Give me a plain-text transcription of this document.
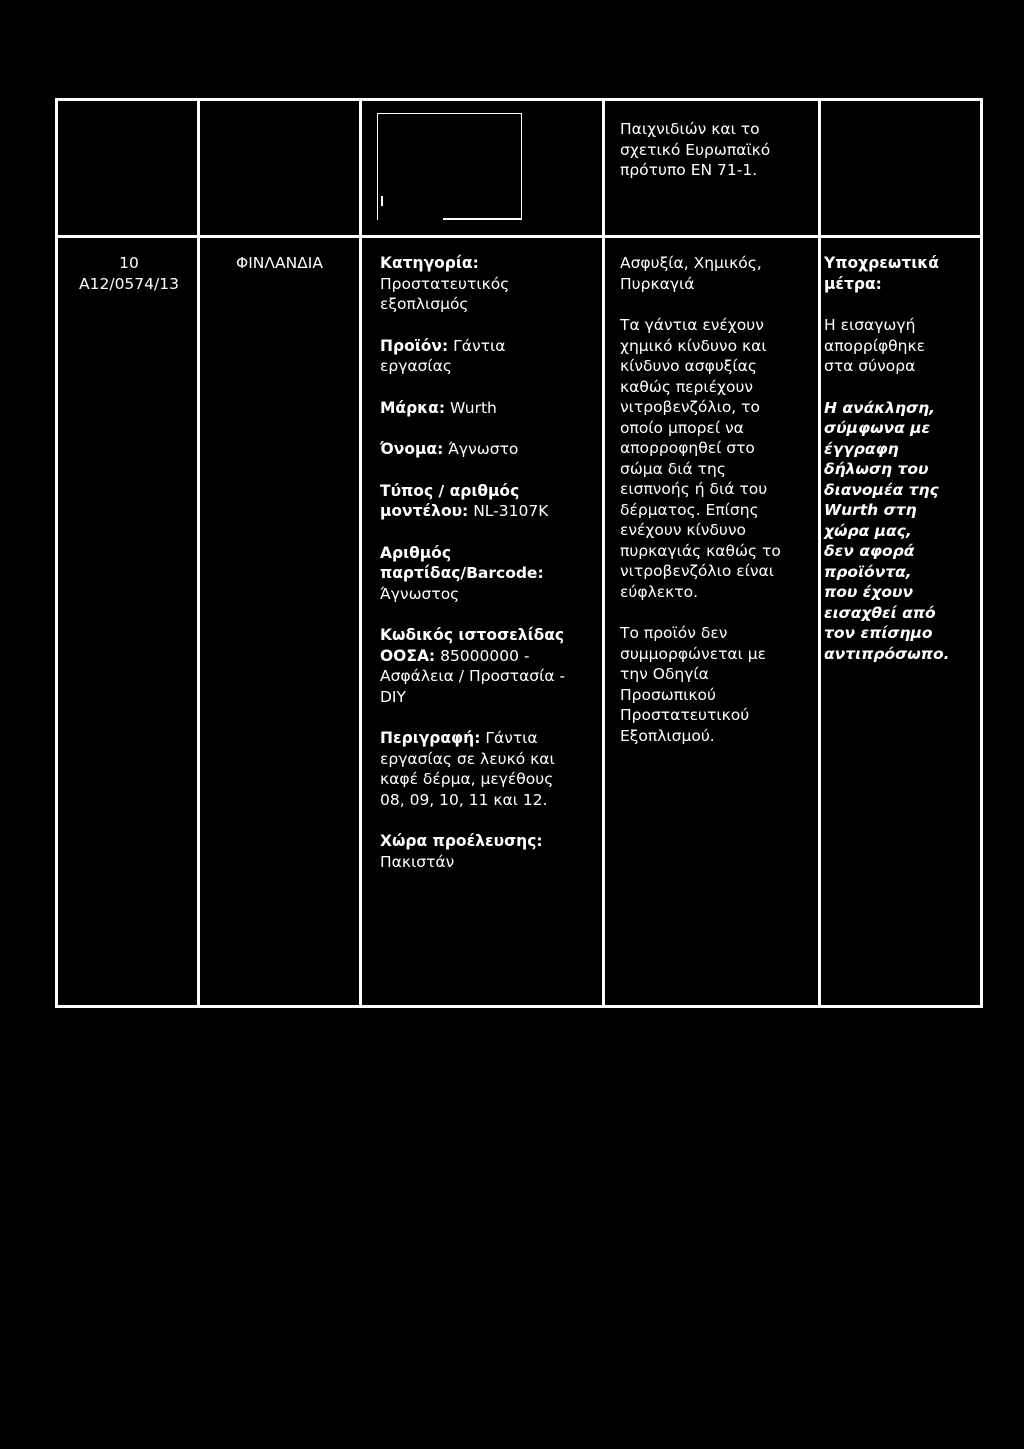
Παιχνιδιών και το
σχετικό Ευρωπαϊκό
πρότυπο EN 71-1.
10
A12/0574/13
ΦΙΝΛΑΝΔΙΑ	Κατηγορία:
Προστατευτικός
εξοπλισμός

Προϊόν: Γάντια
εργασίας

Μάρκα: Wurth

Όνομα: Άγνωστο

Τύπος / αριθμός
μοντέλου: NL-3107K

Αριθμός
παρτίδας/Barcode:
Άγνωστος

Κωδικός ιστοσελίδας
ΟΟΣΑ: 85000000 -
Ασφάλεια / Προστασία -
DIY

Περιγραφή: Γάντια
εργασίας σε λευκό και
καφέ δέρμα, μεγέθους
08, 09, 10, 11 και 12.

Χώρα προέλευσης:
Πακιστάν

Ασφυξία, Χημικός,
Πυρκαγιά

Τα γάντια ενέχουν
χημικό κίνδυνο και
κίνδυνο ασφυξίας
καθώς περιέχουν
νιτροβενζόλιο, το
οποίο μπορεί να
απορροφηθεί στο
σώμα διά της
εισπνοής ή διά του
δέρματος. Επίσης
ενέχουν κίνδυνο
πυρκαγιάς καθώς το
νιτροβενζόλιο είναι
εύφλεκτο.

Το προϊόν δεν
συμμορφώνεται με
την Οδηγία
Προσωπικού
Προστατευτικού
Εξοπλισμού.

Υποχρεωτικά
μέτρα:

Η εισαγωγή
απορρίφθηκε
στα σύνορα

Η ανάκληση,
σύμφωνα με
έγγραφη
δήλωση του
διανομέα της
Wurth στη
χώρα μας,
δεν αφορά
προϊόντα,
που έχουν
εισαχθεί από
τον επίσημο
αντιπρόσωπο.
